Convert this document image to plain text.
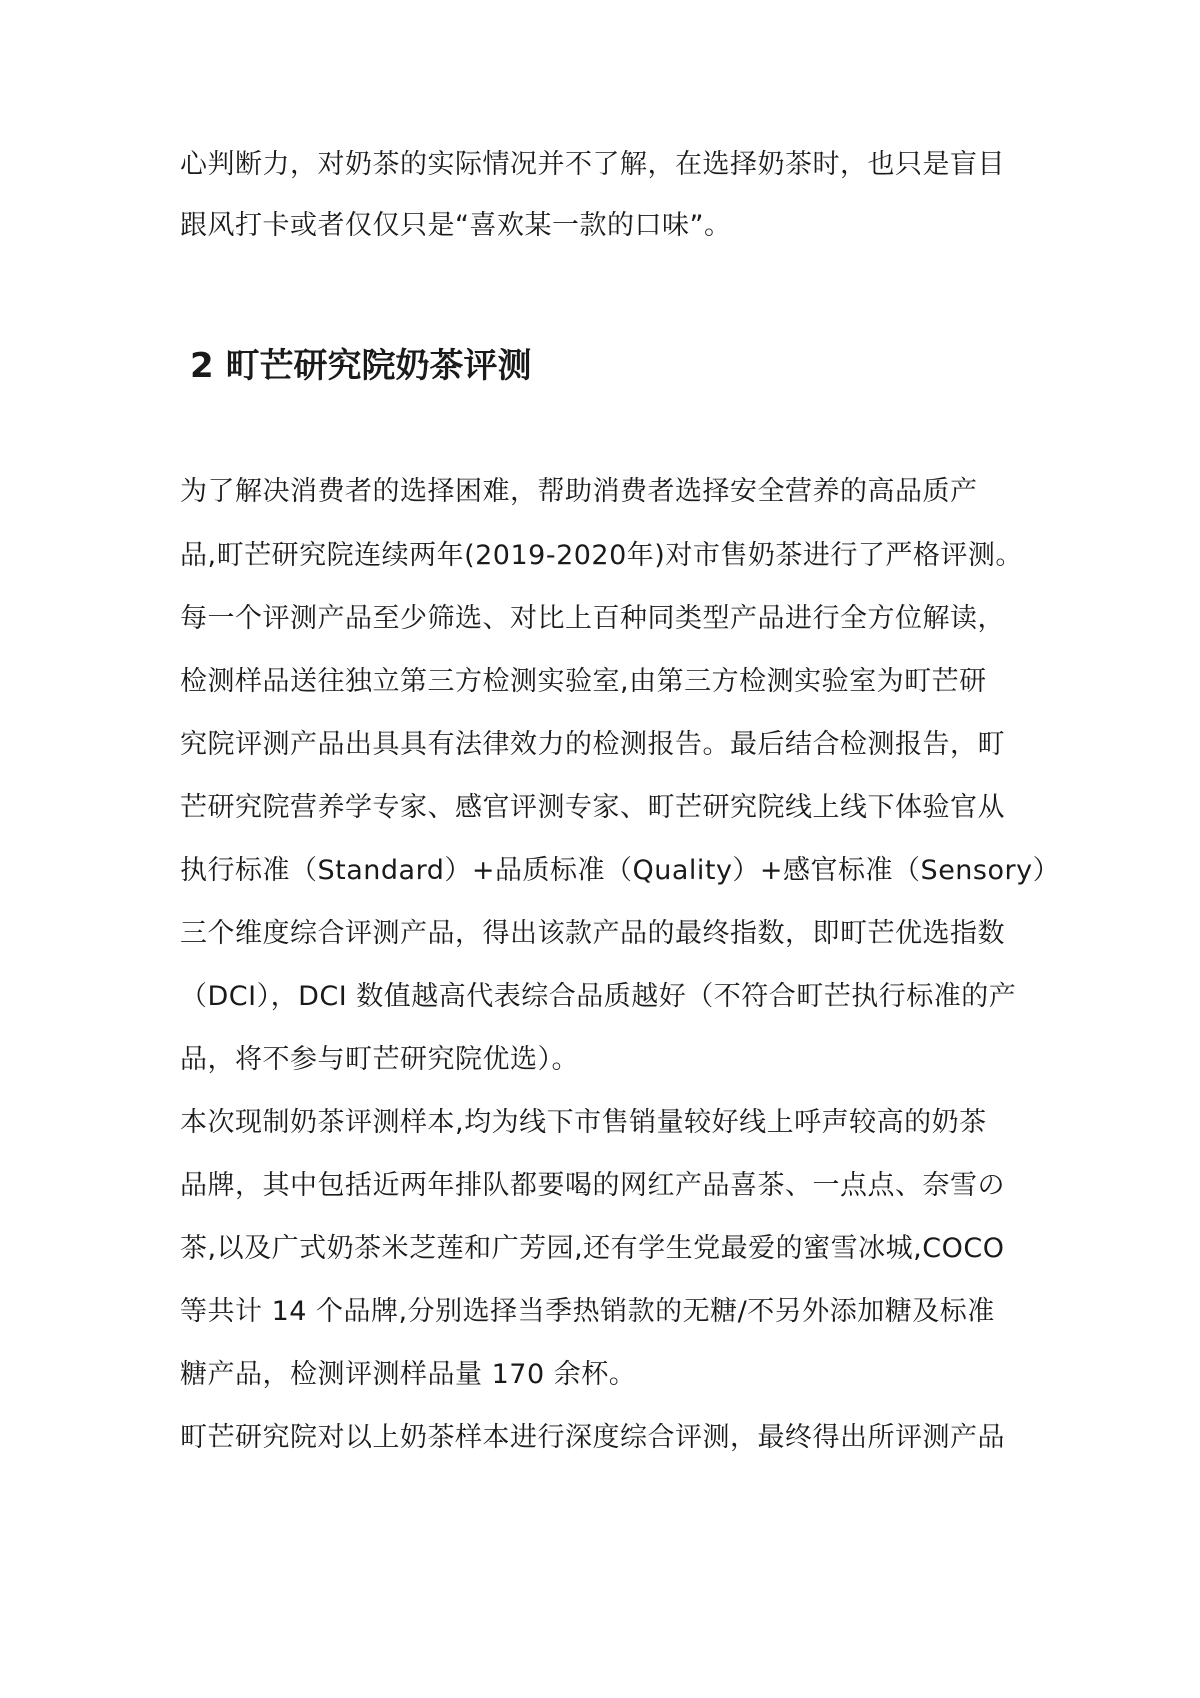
心判断力，对奶茶的实际情况并不了解，在选择奶茶时，也只是盲目
跟风打卡或者仅仅只是“喜欢某一款的口味”。
2 町芒研究院奶茶评测
为了解决消费者的选择困难，帮助消费者选择安全营养的高品质产
品,町芒研究院连续两年(2019-2020年)对市售奶茶进行了严格评测。
每一个评测产品至少筛选、对比上百种同类型产品进行全方位解读，
检测样品送往独立第三方检测实验室,由第三方检测实验室为町芒研
究院评测产品出具具有法律效力的检测报告。最后结合检测报告，町
芒研究院营养学专家、感官评测专家、町芒研究院线上线下体验官从
执行标准（Standard）+品质标准（Quality）+感官标准（Sensory）
三个维度综合评测产品，得出该款产品的最终指数，即町芒优选指数
（DCI），DCI 数值越高代表综合品质越好（不符合町芒执行标准的产
品，将不参与町芒研究院优选）。
本次现制奶茶评测样本,均为线下市售销量较好线上呼声较高的奶茶
品牌，其中包括近两年排队都要喝的网红产品喜茶、一点点、奈雪の
茶,以及广式奶茶米芝莲和广芳园,还有学生党最爱的蜜雪冰城,COCO
等共计 14 个品牌,分别选择当季热销款的无糖/不另外添加糖及标准
糖产品，检测评测样品量 170 余杯。
町芒研究院对以上奶茶样本进行深度综合评测，最终得出所评测产品
